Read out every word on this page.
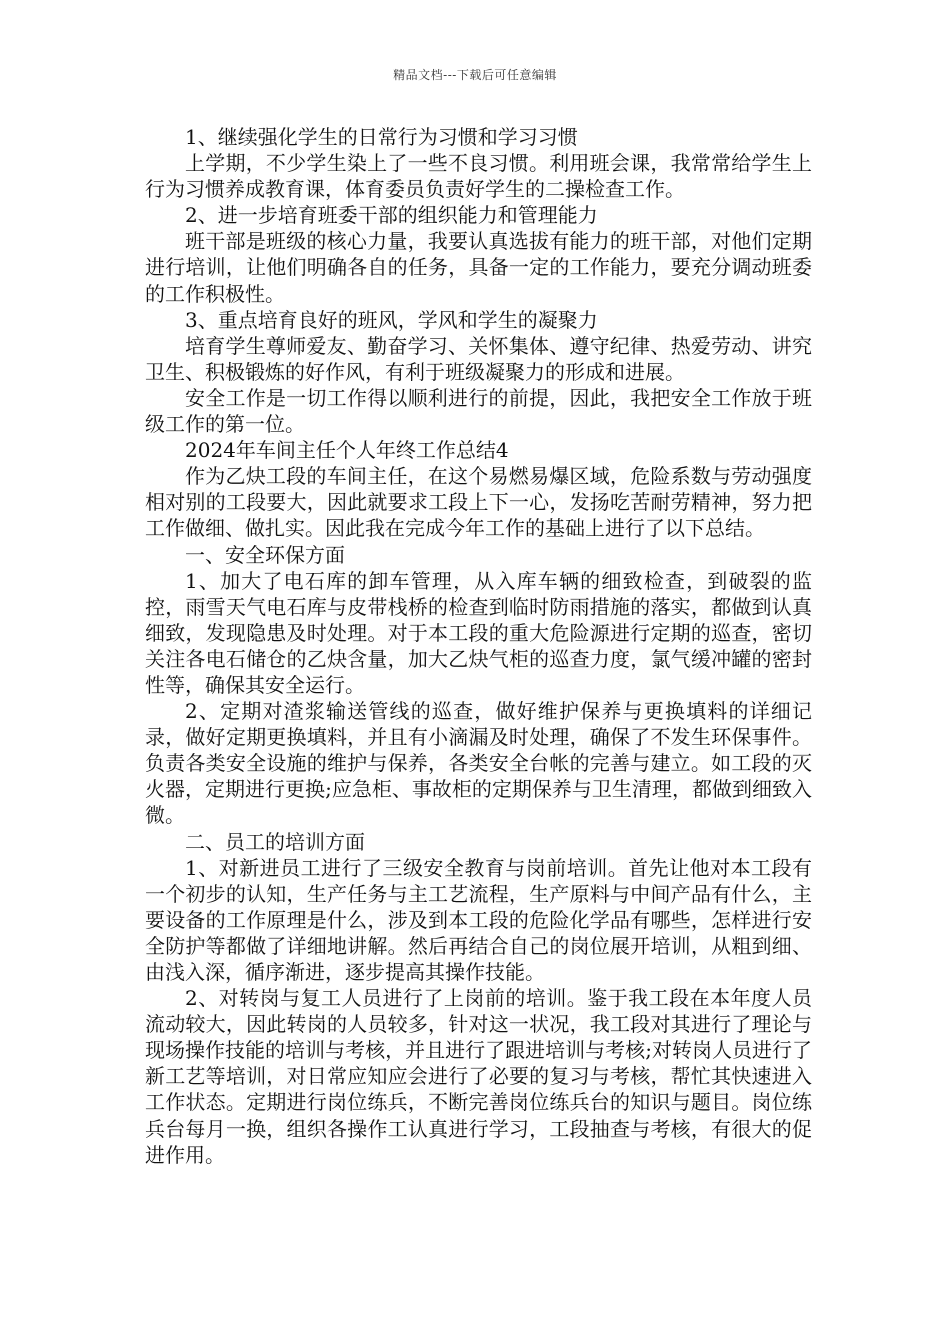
精品文档---下载后可任意编辑

1、继续强化学生的日常行为习惯和学习习惯

上学期，不少学生染上了一些不良习惯。利用班会课，我常常给学生上行为习惯养成教育课，体育委员负责好学生的二操检查工作。

2、进一步培育班委干部的组织能力和管理能力

班干部是班级的核心力量，我要认真选拔有能力的班干部，对他们定期进行培训，让他们明确各自的任务，具备一定的工作能力，要充分调动班委的工作积极性。

3、重点培育良好的班风，学风和学生的凝聚力

培育学生尊师爱友、勤奋学习、关怀集体、遵守纪律、热爱劳动、讲究卫生、积极锻炼的好作风，有利于班级凝聚力的形成和进展。

安全工作是一切工作得以顺利进行的前提，因此，我把安全工作放于班级工作的第一位。

2024年车间主任个人年终工作总结4

作为乙炔工段的车间主任，在这个易燃易爆区域，危险系数与劳动强度相对别的工段要大，因此就要求工段上下一心，发扬吃苦耐劳精神，努力把工作做细、做扎实。因此我在完成今年工作的基础上进行了以下总结。

一、安全环保方面

1、加大了电石库的卸车管理，从入库车辆的细致检查，到破裂的监控，雨雪天气电石库与皮带栈桥的检查到临时防雨措施的落实，都做到认真细致，发现隐患及时处理。对于本工段的重大危险源进行定期的巡查，密切关注各电石储仓的乙炔含量，加大乙炔气柜的巡查力度，氯气缓冲罐的密封性等，确保其安全运行。

2、定期对渣浆输送管线的巡查，做好维护保养与更换填料的详细记录，做好定期更换填料，并且有小滴漏及时处理，确保了不发生环保事件。负责各类安全设施的维护与保养，各类安全台帐的完善与建立。如工段的灭火器，定期进行更换;应急柜、事故柜的定期保养与卫生清理，都做到细致入微。

二、员工的培训方面

1、对新进员工进行了三级安全教育与岗前培训。首先让他对本工段有一个初步的认知，生产任务与主工艺流程，生产原料与中间产品有什么，主要设备的工作原理是什么，涉及到本工段的危险化学品有哪些，怎样进行安全防护等都做了详细地讲解。然后再结合自己的岗位展开培训，从粗到细、由浅入深，循序渐进，逐步提高其操作技能。

2、对转岗与复工人员进行了上岗前的培训。鉴于我工段在本年度人员流动较大，因此转岗的人员较多，针对这一状况，我工段对其进行了理论与现场操作技能的培训与考核，并且进行了跟进培训与考核;对转岗人员进行了新工艺等培训，对日常应知应会进行了必要的复习与考核，帮忙其快速进入工作状态。定期进行岗位练兵，不断完善岗位练兵台的知识与题目。岗位练兵台每月一换，组织各操作工认真进行学习，工段抽查与考核，有很大的促进作用。
